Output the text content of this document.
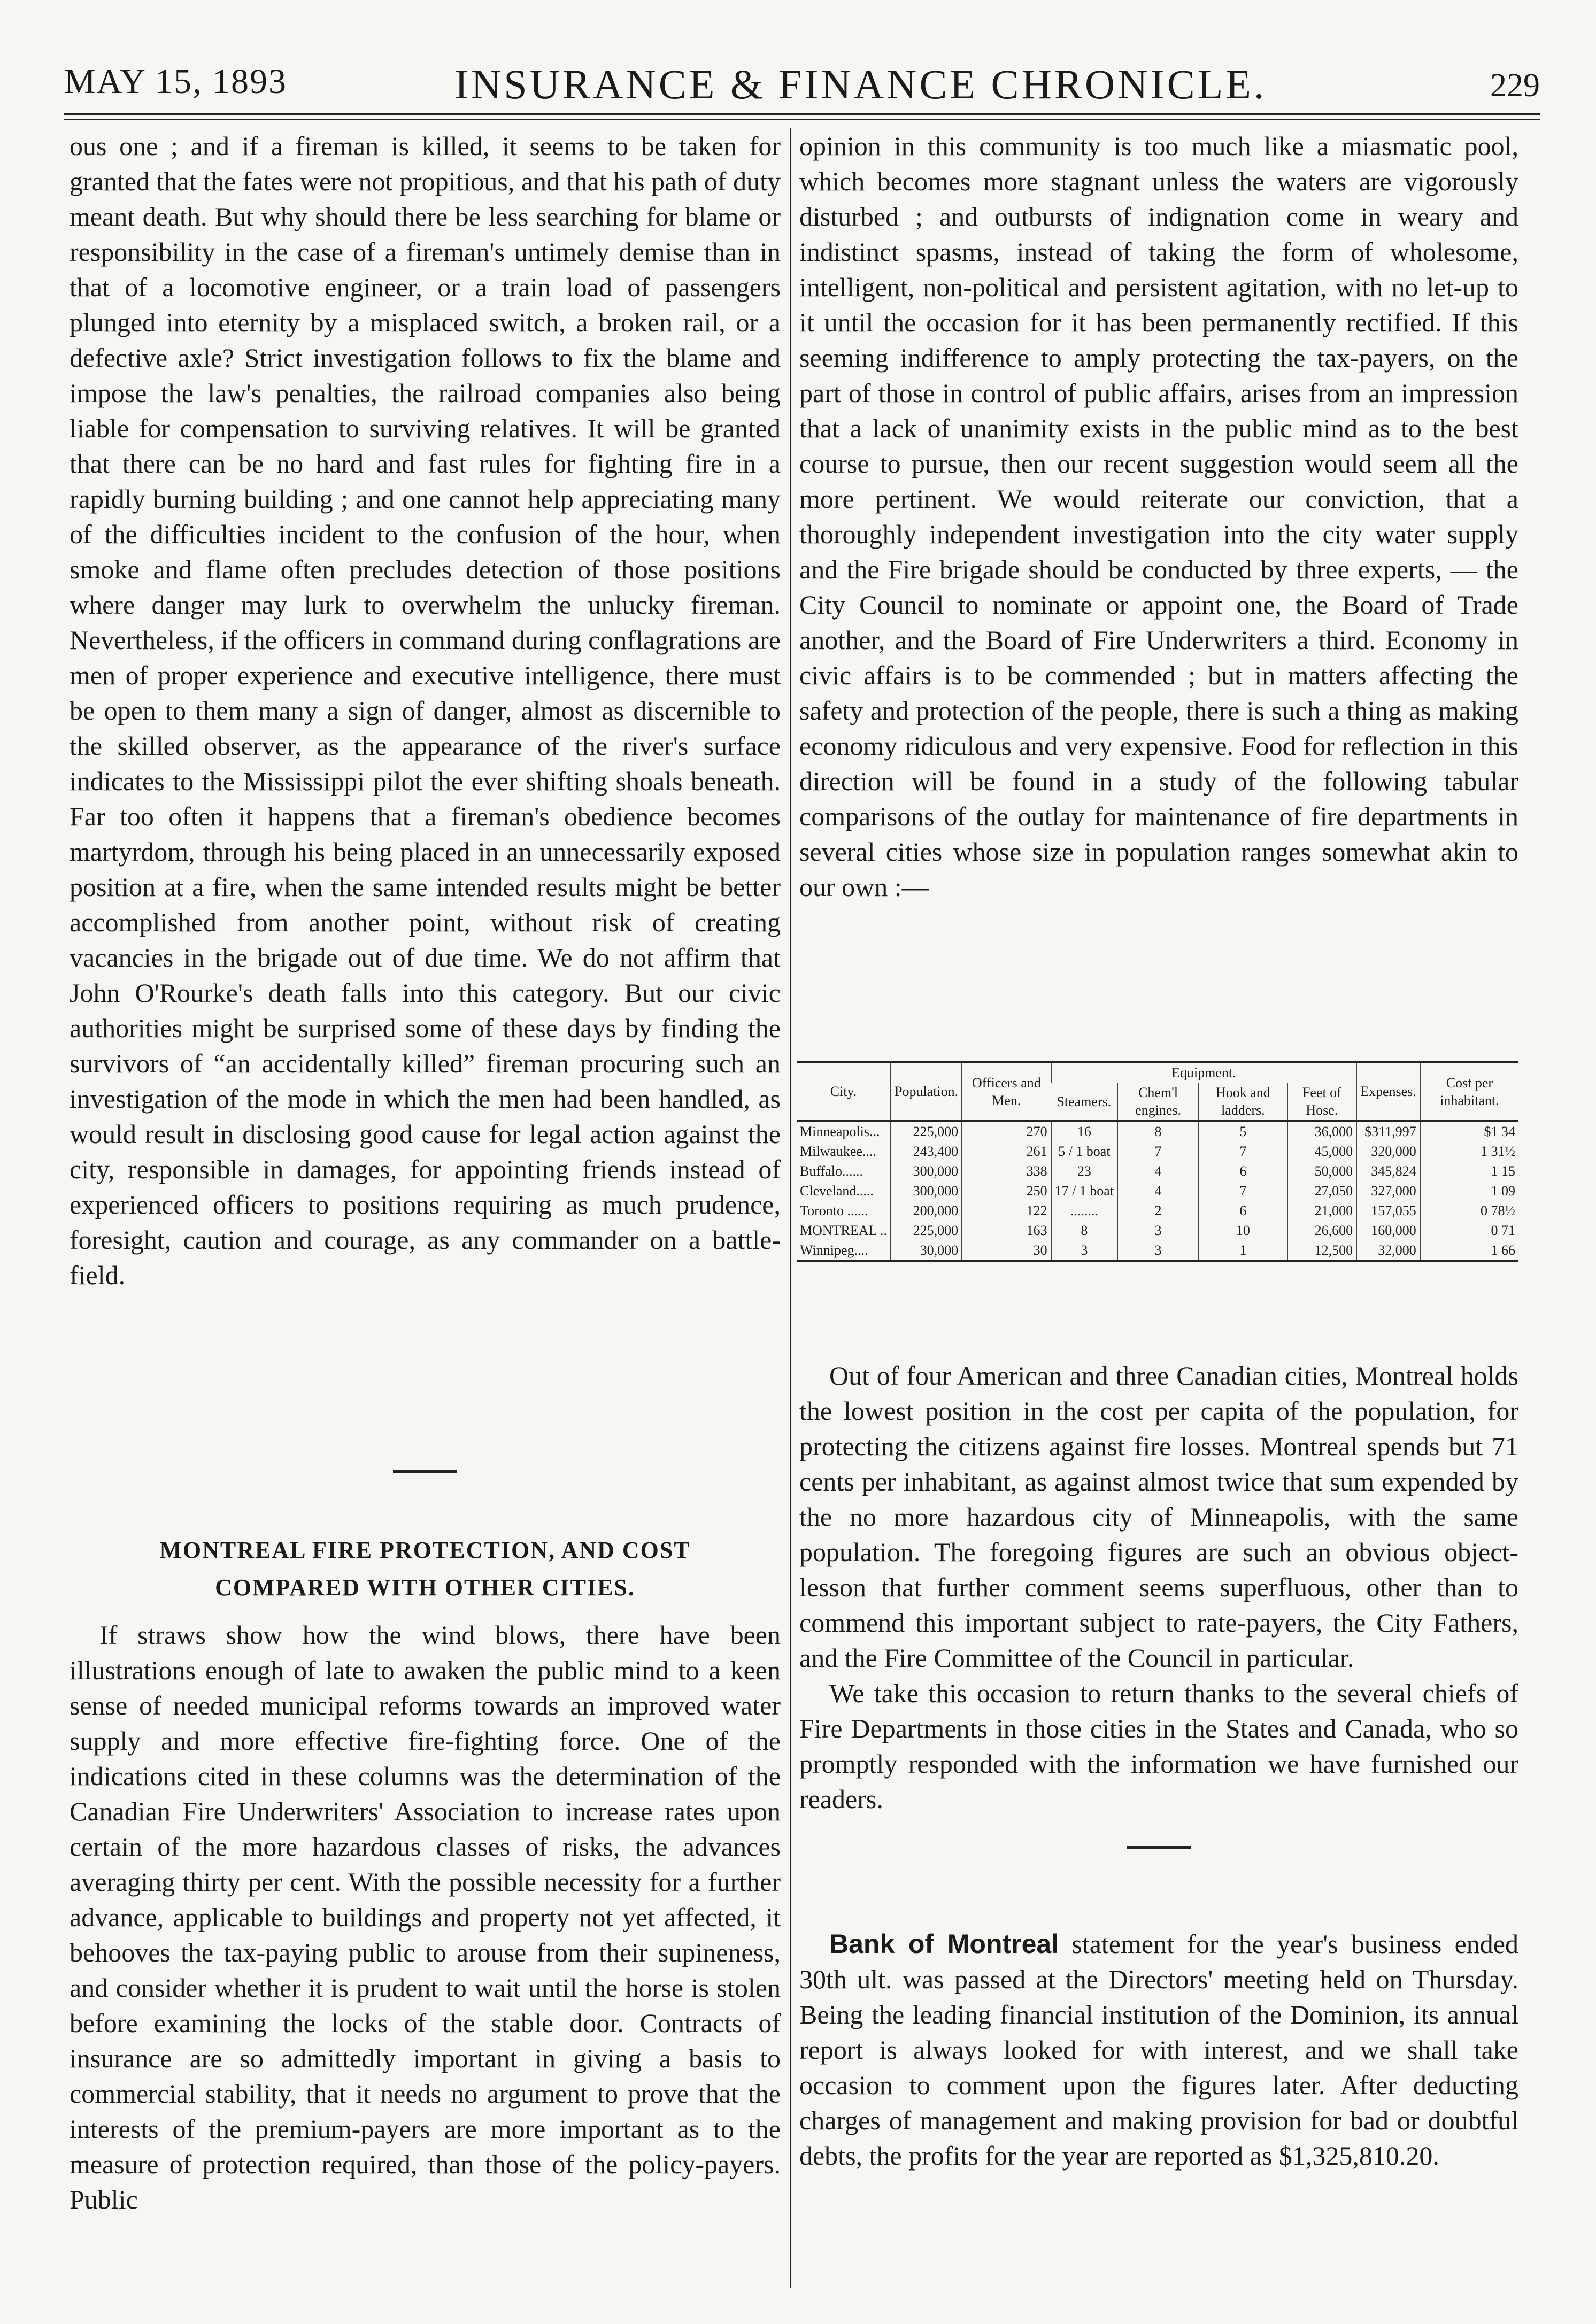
MAY 15, 1893	INSURANCE & FINANCE CHRONICLE.	229

ous one ; and if a fireman is killed, it seems to be taken for granted that the fates were not propitious, and that his path of duty meant death. But why should there be less searching for blame or responsibility in the case of a fireman's untimely demise than in that of a locomotive engineer, or a train load of passengers plunged into eternity by a misplaced switch, a broken rail, or a defective axle? Strict investigation follows to fix the blame and impose the law's penalties, the railroad companies also being liable for compensation to surviving relatives. It will be granted that there can be no hard and fast rules for fighting fire in a rapidly burning building ; and one cannot help appreciating many of the difficulties incident to the confusion of the hour, when smoke and flame often precludes detection of those positions where danger may lurk to overwhelm the unlucky fireman. Nevertheless, if the officers in command during conflagrations are men of proper experience and executive intelligence, there must be open to them many a sign of danger, almost as discernible to the skilled observer, as the appearance of the river's surface indicates to the Mississippi pilot the ever shifting shoals beneath. Far too often it happens that a fireman's obedience becomes martyrdom, through his being placed in an unnecessarily exposed position at a fire, when the same intended results might be better accomplished from another point, without risk of creating vacancies in the brigade out of due time. We do not affirm that John O'Rourke's death falls into this category. But our civic authorities might be surprised some of these days by finding the survivors of “an accidentally killed” fireman procuring such an investigation of the mode in which the men had been handled, as would result in disclosing good cause for legal action against the city, responsible in damages, for appointing friends instead of experienced officers to positions requiring as much prudence, foresight, caution and courage, as any commander on a battle-field.

MONTREAL FIRE PROTECTION, AND COST
COMPARED WITH OTHER CITIES.

If straws show how the wind blows, there have been illustrations enough of late to awaken the public mind to a keen sense of needed municipal reforms towards an improved water supply and more effective fire-fighting force. One of the indications cited in these columns was the determination of the Canadian Fire Underwriters' Association to increase rates upon certain of the more hazardous classes of risks, the advances averaging thirty per cent. With the possible necessity for a further advance, applicable to buildings and property not yet affected, it behooves the tax-paying public to arouse from their supineness, and consider whether it is prudent to wait until the horse is stolen before examining the locks of the stable door. Contracts of insurance are so admittedly important in giving a basis to commercial stability, that it needs no argument to prove that the interests of the premium-payers are more important as to the measure of protection required, than those of the policy-payers. Public

opinion in this community is too much like a miasmatic pool, which becomes more stagnant unless the waters are vigorously disturbed ; and outbursts of indignation come in weary and indistinct spasms, instead of taking the form of wholesome, intelligent, non-political and persistent agitation, with no let-up to it until the occasion for it has been permanently rectified. If this seeming indifference to amply protecting the tax-payers, on the part of those in control of public affairs, arises from an impression that a lack of unanimity exists in the public mind as to the best course to pursue, then our recent suggestion would seem all the more pertinent. We would reiterate our conviction, that a thoroughly independent investigation into the city water supply and the Fire brigade should be conducted by three experts, — the City Council to nominate or appoint one, the Board of Trade another, and the Board of Fire Underwriters a third. Economy in civic affairs is to be commended ; but in matters affecting the safety and protection of the people, there is such a thing as making economy ridiculous and very expensive. Food for reflection in this direction will be found in a study of the following tabular comparisons of the outlay for maintenance of fire departments in several cities whose size in population ranges somewhat akin to our own :—

City.	Population.	Officers and Men.	Equipment.				Expenses.	Cost per inhabitant.
			Steamers.	Chem'l engines.	Hook and ladders.	Feet of Hose.		
Minneapolis...	225,000	270	16	8	5	36,000	$311,997	$1 34
Milwaukee....	243,400	261	5 / 1 boat	7	7	45,000	320,000	1 31½
Buffalo......	300,000	338	23	4	6	50,000	345,824	1 15
Cleveland.....	300,000	250	17 / 1 boat	4	7	27,050	327,000	1 09
Toronto ......	200,000	122	........	2	6	21,000	157,055	0 78½
MONTREAL ..	225,000	163	8	3	10	26,600	160,000	0 71
Winnipeg....	30,000	30	3	3	1	12,500	32,000	1 66

Out of four American and three Canadian cities, Montreal holds the lowest position in the cost per capita of the population, for protecting the citizens against fire losses. Montreal spends but 71 cents per inhabitant, as against almost twice that sum expended by the no more hazardous city of Minneapolis, with the same population. The foregoing figures are such an obvious object-lesson that further comment seems superfluous, other than to commend this important subject to rate-payers, the City Fathers, and the Fire Committee of the Council in particular.

We take this occasion to return thanks to the several chiefs of Fire Departments in those cities in the States and Canada, who so promptly responded with the information we have furnished our readers.

Bank of Montreal statement for the year's business ended 30th ult. was passed at the Directors' meeting held on Thursday. Being the leading financial institution of the Dominion, its annual report is always looked for with interest, and we shall take occasion to comment upon the figures later. After deducting charges of management and making provision for bad or doubtful debts, the profits for the year are reported as $1,325,810.20.
